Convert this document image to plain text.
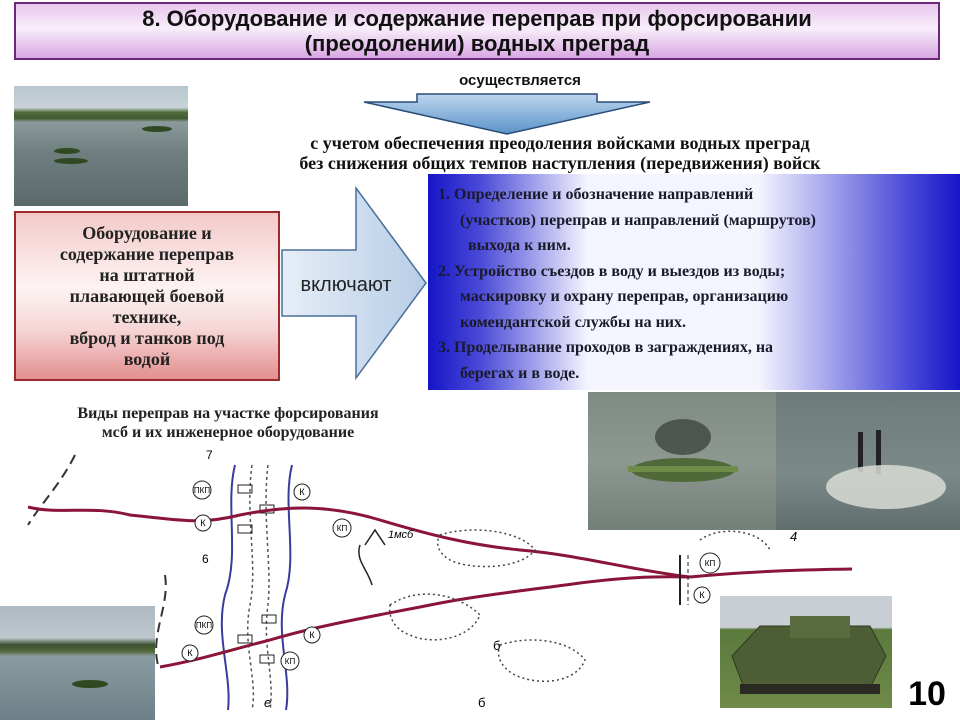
8. Оборудование и содержание переправ при форсировании
(преодолении) водных преград
осуществляется
с учетом обеспечения преодоления войсками водных преград
без снижения общих темпов наступления (передвижения) войск
Оборудование и
содержание переправ
на штатной
плавающей боевой
технике,
вброд и танков под
водой
включают
1. Определение и обозначение направлений
(участков) переправ и направлений (маршрутов)
выхода к ним.
2. Устройство съездов в воду и выездов из воды;
маскировку и охрану переправ, организацию
комендантской службы на них.
3. Проделывание проходов в заграждениях, на
берегах и в воде.
Виды переправ на участке форсирования
мсб и их инженерное оборудование
ПКП
К
К
КП
ПКП
К
К
КП
КП
К
7
6
4
б
б
е
1мсб
10
